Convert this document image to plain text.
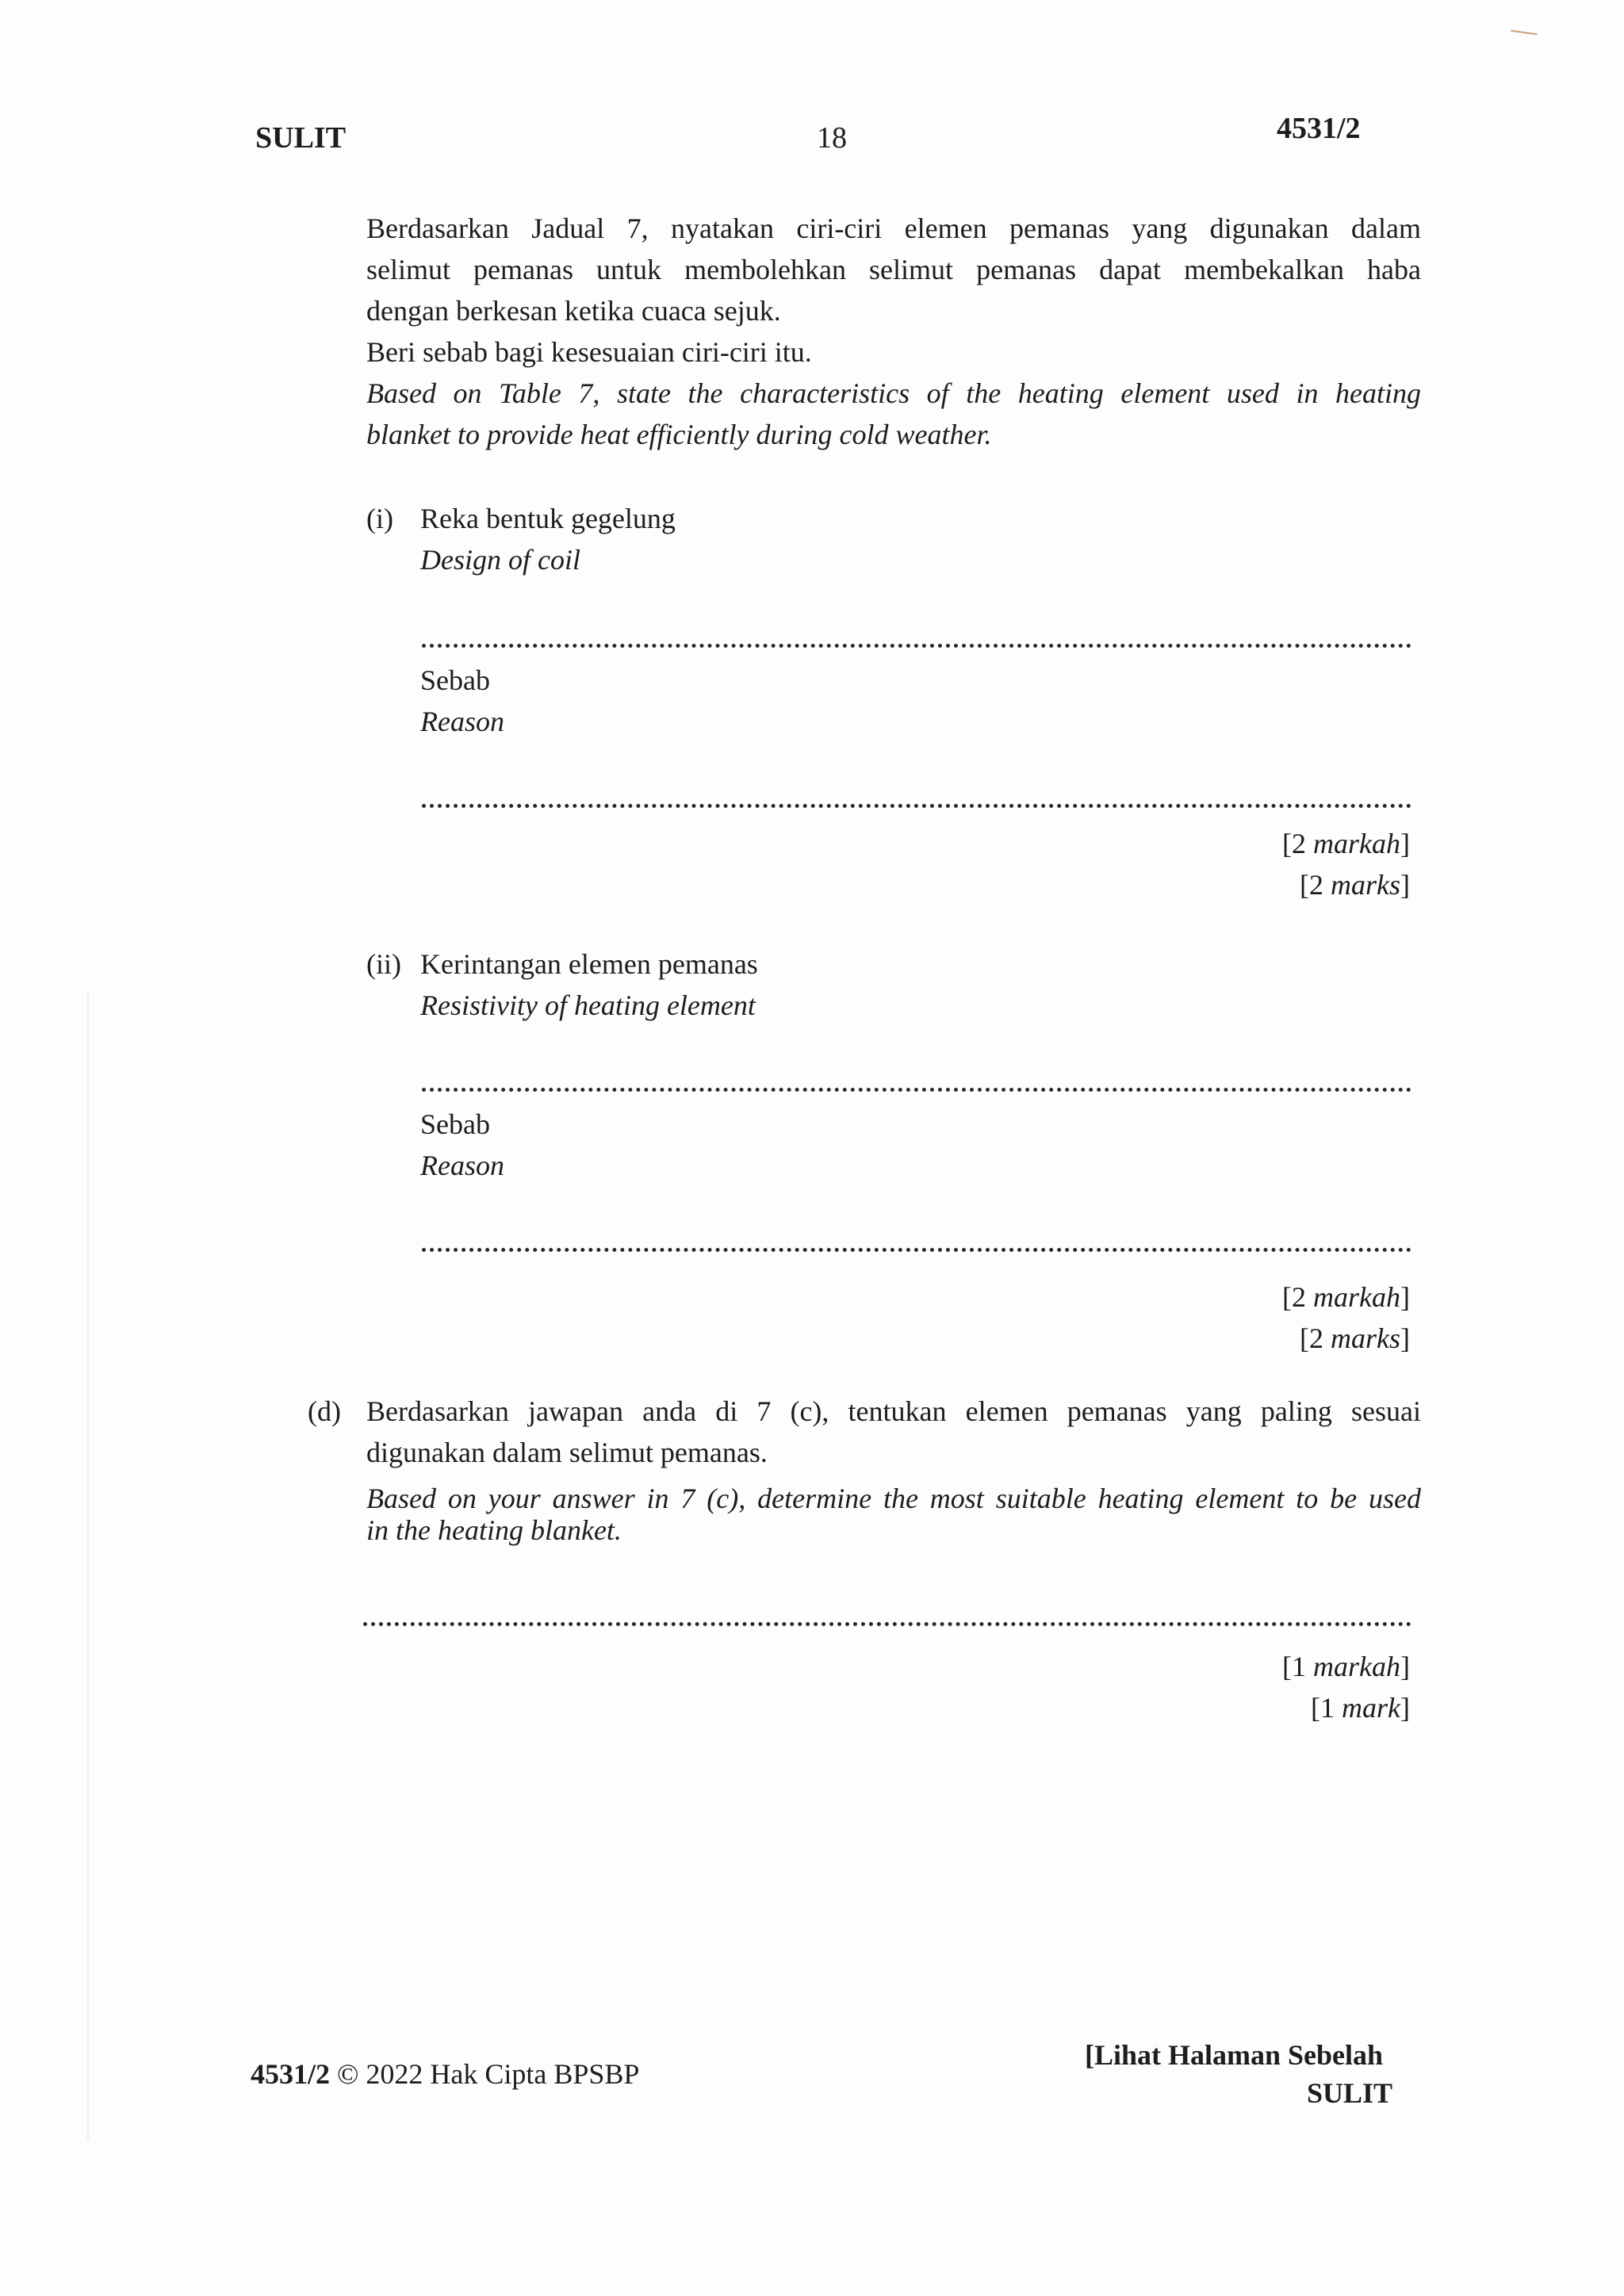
SULIT	18	4531/2
Berdasarkan Jadual 7, nyatakan ciri-ciri elemen pemanas yang digunakan dalam
selimut pemanas untuk membolehkan selimut pemanas dapat membekalkan haba
dengan berkesan ketika cuaca sejuk.
Beri sebab bagi kesesuaian ciri-ciri itu.
Based on Table 7, state the characteristics of the heating element used in heating
blanket to provide heat efficiently during cold weather.
(i) Reka bentuk gegelung
Design of coil
Sebab
Reason
[2 markah]
[2 marks]
(ii) Kerintangan elemen pemanas
Resistivity of heating element
Sebab
Reason
[2 markah]
[2 marks]
(d) Berdasarkan jawapan anda di 7 (c), tentukan elemen pemanas yang paling sesuai
digunakan dalam selimut pemanas.
Based on your answer in 7 (c), determine the most suitable heating element to be used
in the heating blanket.
[1 markah]
[1 mark]
4531/2 © 2022 Hak Cipta BPSBP
[Lihat Halaman Sebelah
SULIT
